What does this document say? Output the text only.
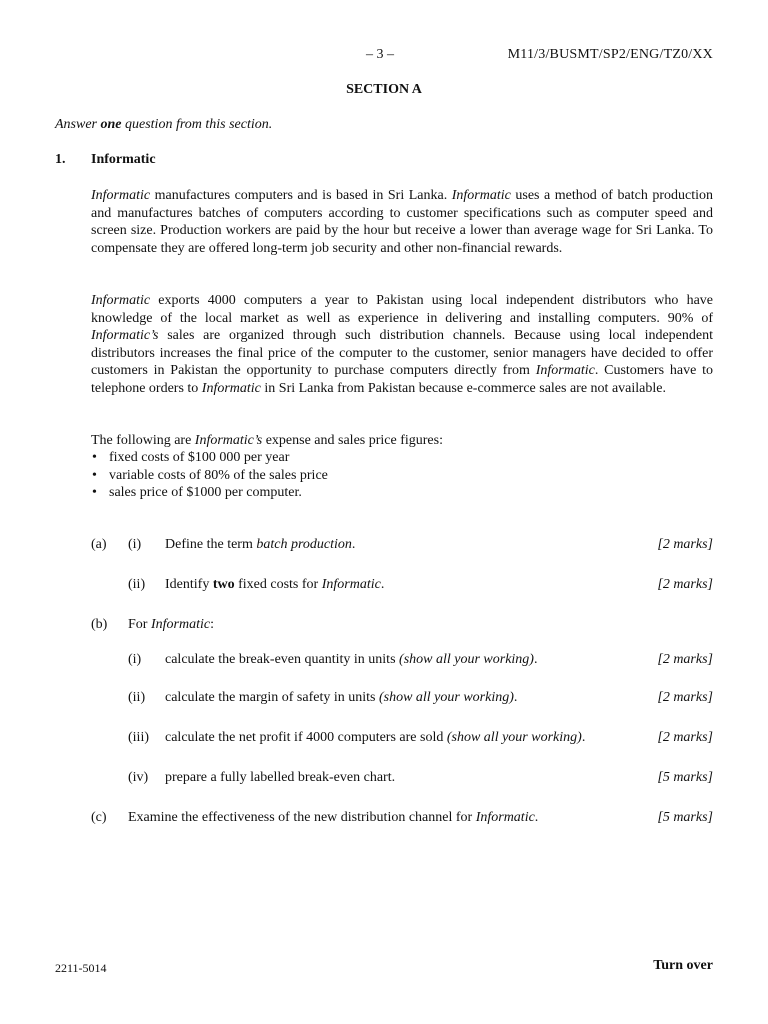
– 3 –	M11/3/BUSMT/SP2/ENG/TZ0/XX
SECTION A
Answer one question from this section.
1. Informatic
Informatic manufactures computers and is based in Sri Lanka. Informatic uses a method of batch production and manufactures batches of computers according to customer specifications such as computer speed and screen size. Production workers are paid by the hour but receive a lower than average wage for Sri Lanka. To compensate they are offered long-term job security and other non-financial rewards.
Informatic exports 4000 computers a year to Pakistan using local independent distributors who have knowledge of the local market as well as experience in delivering and installing computers. 90% of Informatic’s sales are organized through such distribution channels. Because using local independent distributors increases the final price of the computer to the customer, senior managers have decided to offer customers in Pakistan the opportunity to purchase computers directly from Informatic. Customers have to telephone orders to Informatic in Sri Lanka from Pakistan because e-commerce sales are not available.
The following are Informatic’s expense and sales price figures:
• fixed costs of $100 000 per year
• variable costs of 80% of the sales price
• sales price of $1000 per computer.
(a) (i) Define the term batch production.	[2 marks]
(ii) Identify two fixed costs for Informatic.	[2 marks]
(b) For Informatic:
(i) calculate the break-even quantity in units (show all your working).	[2 marks]
(ii) calculate the margin of safety in units (show all your working).	[2 marks]
(iii) calculate the net profit if 4000 computers are sold (show all your working).	[2 marks]
(iv) prepare a fully labelled break-even chart.	[5 marks]
(c) Examine the effectiveness of the new distribution channel for Informatic.	[5 marks]
2211-5014	Turn over
